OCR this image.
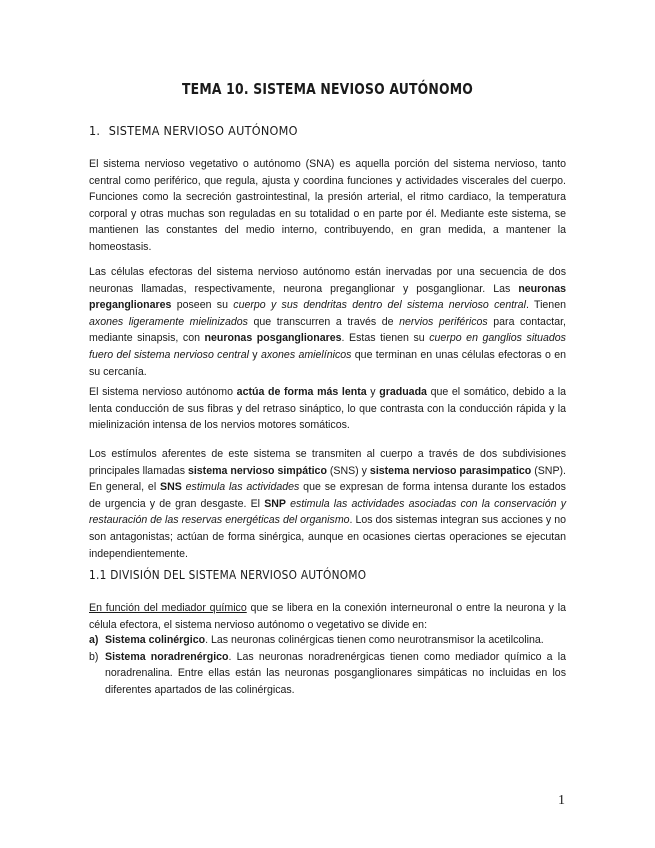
TEMA 10. SISTEMA NEVIOSO AUTÓNOMO
1. SISTEMA NERVIOSO AUTÓNOMO
El sistema nervioso vegetativo o autónomo (SNA) es aquella porción del sistema nervioso, tanto central como periférico, que regula, ajusta y coordina funciones y actividades viscerales del cuerpo. Funciones como la secreción gastrointestinal, la presión arterial, el ritmo cardiaco, la temperatura corporal y otras muchas son reguladas en su totalidad o en parte por él. Mediante este sistema, se mantienen las constantes del medio interno, contribuyendo, en gran medida, a mantener la homeostasis.
Las células efectoras del sistema nervioso autónomo están inervadas por una secuencia de dos neuronas llamadas, respectivamente, neurona preganglionar y posganglionar. Las neuronas preganglionares poseen su cuerpo y sus dendritas dentro del sistema nervioso central. Tienen axones ligeramente mielinizados que transcurren a través de nervios periféricos para contactar, mediante sinapsis, con neuronas posganglionares. Estas tienen su cuerpo en ganglios situados fuero del sistema nervioso central y axones amielínicos que terminan en unas células efectoras o en su cercanía.
El sistema nervioso autónomo actúa de forma más lenta y graduada que el somático, debido a la lenta conducción de sus fibras y del retraso sináptico, lo que contrasta con la conducción rápida y la mielinización intensa de los nervios motores somáticos.
Los estímulos aferentes de este sistema se transmiten al cuerpo a través de dos subdivisiones principales llamadas sistema nervioso simpático (SNS) y sistema nervioso parasimpatico (SNP). En general, el SNS estimula las actividades que se expresan de forma intensa durante los estados de urgencia y de gran desgaste. El SNP estimula las actividades asociadas con la conservación y restauración de las reservas energéticas del organismo. Los dos sistemas integran sus acciones y no son antagonistas; actúan de forma sinérgica, aunque en ocasiones ciertas operaciones se ejecutan independientemente.
1.1 DIVISIÓN DEL SISTEMA NERVIOSO AUTÓNOMO
En función del mediador químico que se libera en la conexión interneuronal o entre la neurona y la célula efectora, el sistema nervioso autónomo o vegetativo se divide en:
a) Sistema colinérgico. Las neuronas colinérgicas tienen como neurotransmisor la acetilcolina.
b) Sistema noradrenérgico. Las neuronas noradrenérgicas tienen como mediador químico a la noradrenalina. Entre ellas están las neuronas posganglionares simpáticas no incluidas en los diferentes apartados de las colinérgicas.
1
